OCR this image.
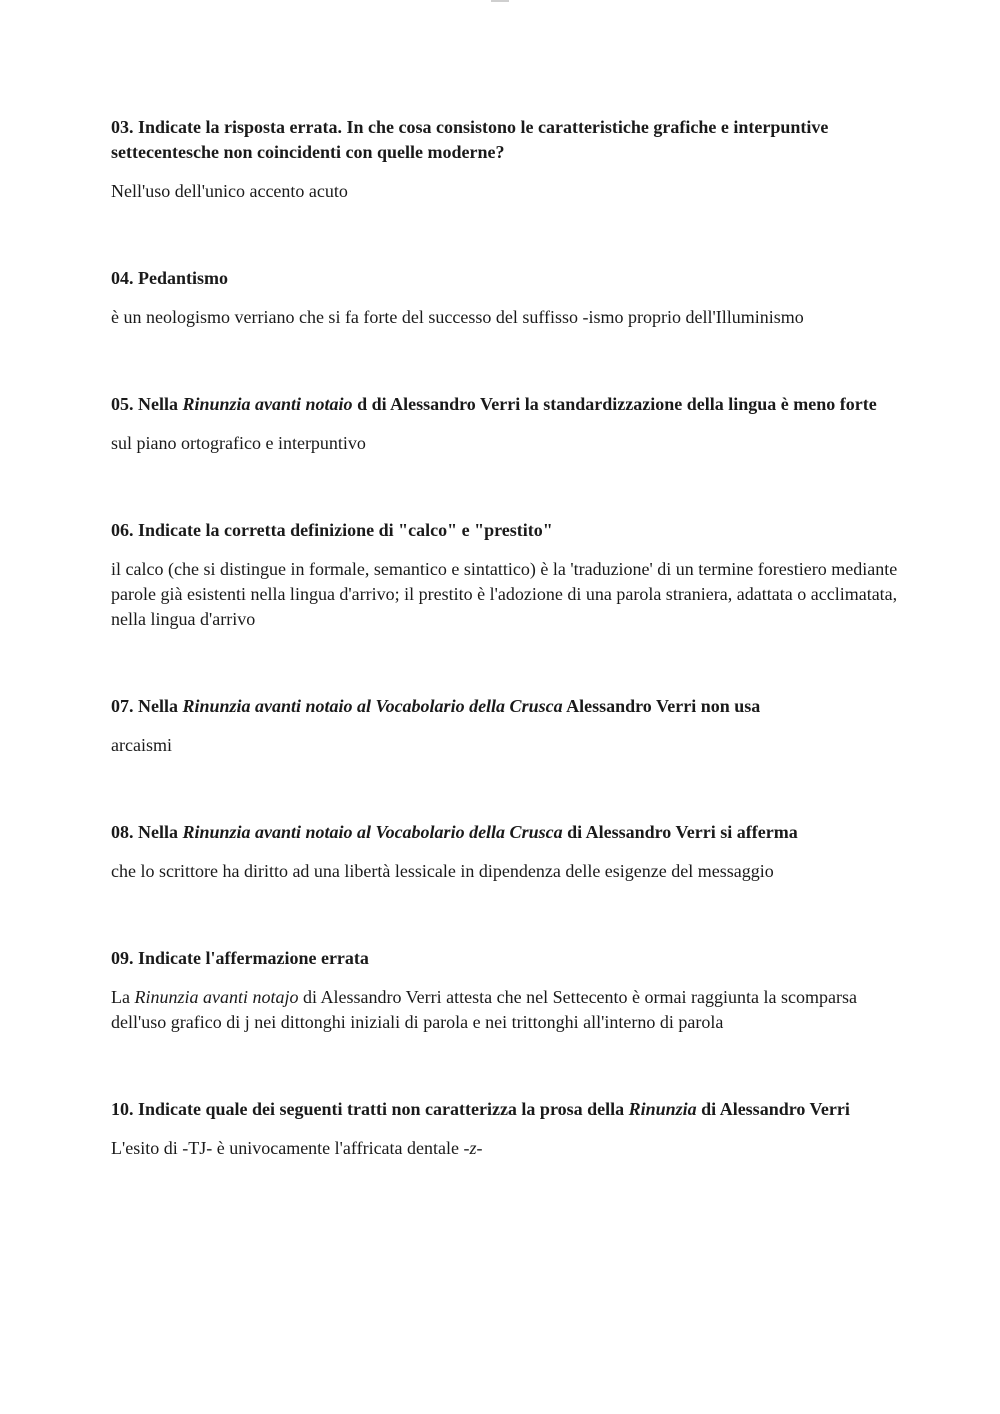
03. Indicate la risposta errata. In che cosa consistono le caratteristiche grafiche e interpuntive settecentesche non coincidenti con quelle moderne?

Nell'uso dell'unico accento acuto

04. Pedantismo

è un neologismo verriano che si fa forte del successo del suffisso -ismo proprio dell'Illuminismo

05. Nella Rinunzia avanti notaio d di Alessandro Verri la standardizzazione della lingua è meno forte

sul piano ortografico e interpuntivo

06. Indicate la corretta definizione di "calco" e "prestito"

il calco (che si distingue in formale, semantico e sintattico) è la 'traduzione' di un termine forestiero mediante parole già esistenti nella lingua d'arrivo; il prestito è l'adozione di una parola straniera, adattata o acclimatata, nella lingua d'arrivo

07. Nella Rinunzia avanti notaio al Vocabolario della Crusca Alessandro Verri non usa

arcaismi

08. Nella Rinunzia avanti notaio al Vocabolario della Crusca di Alessandro Verri si afferma

che lo scrittore ha diritto ad una libertà lessicale in dipendenza delle esigenze del messaggio

09. Indicate l'affermazione errata

La Rinunzia avanti notajo di Alessandro Verri attesta che nel Settecento è ormai raggiunta la scomparsa dell'uso grafico di j nei dittonghi iniziali di parola e nei trittonghi all'interno di parola

10. Indicate quale dei seguenti tratti non caratterizza la prosa della Rinunzia di Alessandro Verri

L'esito di -TJ- è univocamente l'affricata dentale -z-
